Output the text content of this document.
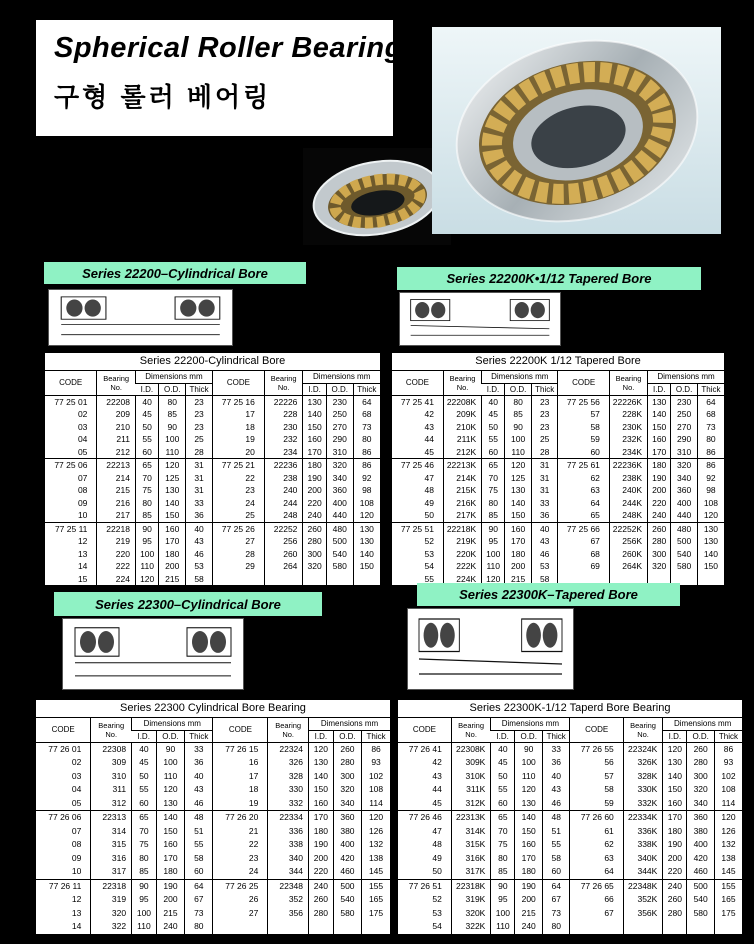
Spherical Roller Bearing
구형 롤러 베어링
Series 22200–Cylindrical Bore
Series 22200-Cylindrical Bore
CODE	Bearing
No.
	Dimensions mm	CODE	Bearing
No.
	Dimensions mm
		I.D.	O.D.	Thick			I.D.	O.D.	Thick
77 25 01	22208	40	80	23	77 25 16	22226	130	230	64
02	209	45	85	23	17	228	140	250	68
03	210	50	90	23	18	230	150	270	73
04	211	55	100	25	19	232	160	290	80
05	212	60	110	28	20	234	170	310	86
77 25 06	22213	65	120	31	77 25 21	22236	180	320	86
07	214	70	125	31	22	238	190	340	92
08	215	75	130	31	23	240	200	360	98
09	216	80	140	33	24	244	220	400	108
10	217	85	150	36	25	248	240	440	120
77 25 11	22218	90	160	40	77 25 26	22252	260	480	130
12	219	95	170	43	27	256	280	500	130
13	220	100	180	46	28	260	300	540	140
14	222	110	200	53	29	264	320	580	150
15	224	120	215	58					
Series 22200K•1/12 Tapered Bore
Series 22200K 1/12 Tapered Bore
CODE	Bearing
No.
	Dimensions mm	CODE	Bearing
No.
	Dimensions mm
		I.D.	O.D.	Thick			I.D.	O.D.	Thick
77 25 41	22208K	40	80	23	77 25 56	22226K	130	230	64
42	209K	45	85	23	57	228K	140	250	68
43	210K	50	90	23	58	230K	150	270	73
44	211K	55	100	25	59	232K	160	290	80
45	212K	60	110	28	60	234K	170	310	86
77 25 46	22213K	65	120	31	77 25 61	22236K	180	320	86
47	214K	70	125	31	62	238K	190	340	92
48	215K	75	130	31	63	240K	200	360	98
49	216K	80	140	33	64	244K	220	400	108
50	217K	85	150	36	65	248K	240	440	120
77 25 51	22218K	90	160	40	77 25 66	22252K	260	480	130
52	219K	95	170	43	67	256K	280	500	130
53	220K	100	180	46	68	260K	300	540	140
54	222K	110	200	53	69	264K	320	580	150
55	224K	120	215	58					
Series 22300–Cylindrical Bore
Series 22300 Cylindrical Bore Bearing
CODE	Bearing
No.
	Dimensions mm	CODE	Bearing
No.
	Dimensions mm
		I.D.	O.D.	Thick			I.D.	O.D.	Thick
77 26 01	22308	40	90	33	77 26 15	22324	120	260	86
02	309	45	100	36	16	326	130	280	93
03	310	50	110	40	17	328	140	300	102
04	311	55	120	43	18	330	150	320	108
05	312	60	130	46	19	332	160	340	114
77 26 06	22313	65	140	48	77 26 20	22334	170	360	120
07	314	70	150	51	21	336	180	380	126
08	315	75	160	55	22	338	190	400	132
09	316	80	170	58	23	340	200	420	138
10	317	85	180	60	24	344	220	460	145
77 26 11	22318	90	190	64	77 26 25	22348	240	500	155
12	319	95	200	67	26	352	260	540	165
13	320	100	215	73	27	356	280	580	175
14	322	110	240	80					
Series 22300K–Tapered Bore
Series 22300K-1/12 Taperd Bore Bearing
CODE	Bearing
No.
	Dimensions mm	CODE	Bearing
No.
	Dimensions mm
		I.D.	O.D.	Thick			I.D.	O.D.	Thick
77 26 41	22308K	40	90	33	77 26 55	22324K	120	260	86
42	309K	45	100	36	56	326K	130	280	93
43	310K	50	110	40	57	328K	140	300	102
44	311K	55	120	43	58	330K	150	320	108
45	312K	60	130	46	59	332K	160	340	114
77 26 46	22313K	65	140	48	77 26 60	22334K	170	360	120
47	314K	70	150	51	61	336K	180	380	126
48	315K	75	160	55	62	338K	190	400	132
49	316K	80	170	58	63	340K	200	420	138
50	317K	85	180	60	64	344K	220	460	145
77 26 51	22318K	90	190	64	77 26 65	22348K	240	500	155
52	319K	95	200	67	66	352K	260	540	165
53	320K	100	215	73	67	356K	280	580	175
54	322K	110	240	80					
